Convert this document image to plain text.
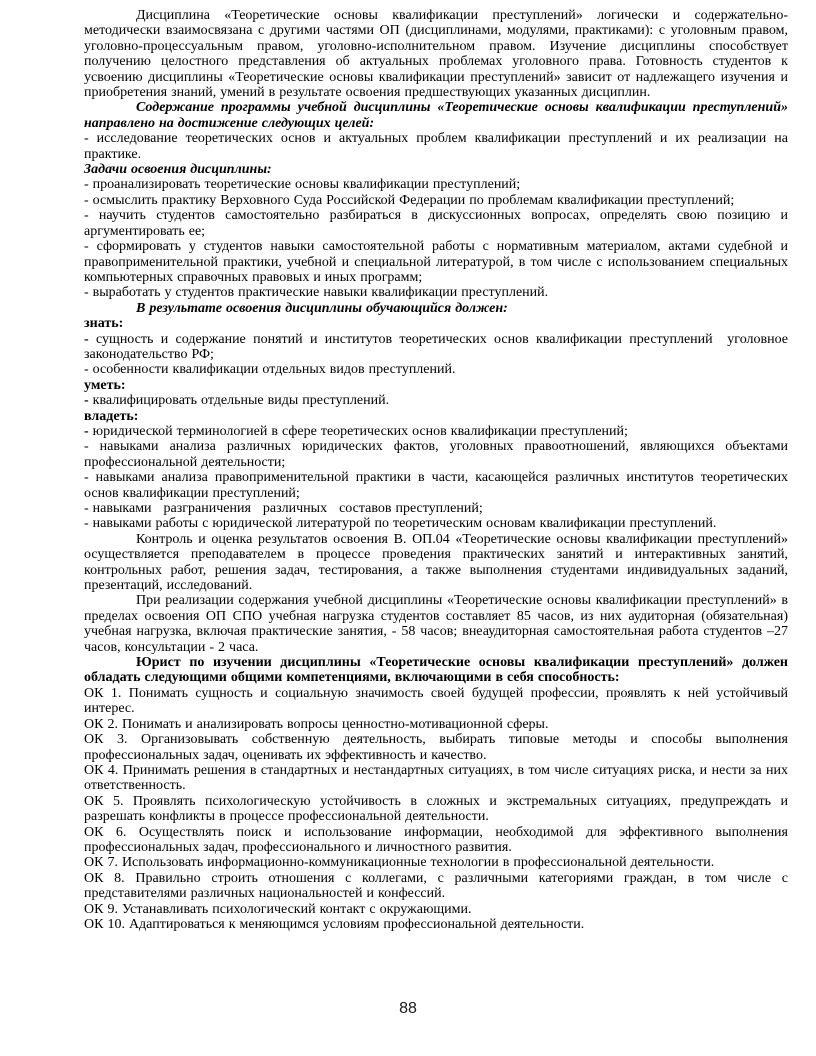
Дисциплина «Теоретические основы квалификации преступлений» логически и содержательно-методически взаимосвязана с другими частями ОП (дисциплинами, модулями, практиками): с уголовным правом, уголовно-процессуальным правом, уголовно-исполнительном правом. Изучение дисциплины способствует получению целостного представления об актуальных проблемах уголовного права. Готовность студентов к усвоению дисциплины «Теоретические основы квалификации преступлений» зависит от надлежащего изучения и приобретения знаний, умений в результате освоения предшествующих указанных дисциплин.

Содержание программы учебной дисциплины «Теоретические основы квалификации преступлений» направлено на достижение следующих целей:

- исследование теоретических основ и актуальных проблем квалификации преступлений и их реализации на практике.

Задачи освоения дисциплины:

- проанализировать теоретические основы квалификации преступлений;

- осмыслить практику Верховного Суда Российской Федерации по проблемам квалификации преступлений;

- научить студентов самостоятельно разбираться в дискуссионных вопросах, определять свою позицию и аргументировать ее;

- сформировать у студентов навыки самостоятельной работы с нормативным материалом, актами судебной и правоприменительной практики, учебной и специальной литературой, в том числе с использованием специальных компьютерных справочных правовых и иных программ;

- выработать у студентов практические навыки квалификации преступлений.

В результате освоения дисциплины обучающийся должен:

знать:

- сущность и содержание понятий и институтов теоретических основ квалификации преступлений  уголовное законодательство РФ;

- особенности квалификации отдельных видов преступлений.

уметь:

- квалифицировать отдельные виды преступлений.

владеть:

- юридической терминологией в сфере теоретических основ квалификации преступлений;

- навыками анализа различных юридических фактов, уголовных правоотношений, являющихся объектами профессиональной деятельности;

- навыками анализа правоприменительной практики в части, касающейся различных институтов теоретических основ квалификации преступлений;

- навыками   разграничения   различных   составов преступлений;

- навыками работы с юридической литературой по теоретическим основам квалификации преступлений.

Контроль и оценка результатов освоения В. ОП.04 «Теоретические основы квалификации преступлений» осуществляется преподавателем в процессе проведения практических занятий и интерактивных занятий, контрольных работ, решения задач, тестирования, а также выполнения студентами индивидуальных заданий, презентаций, исследований.

При реализации содержания учебной дисциплины «Теоретические основы квалификации преступлений» в пределах освоения ОП СПО учебная нагрузка студентов составляет 85 часов, из них аудиторная (обязательная) учебная нагрузка, включая практические занятия, - 58 часов; внеаудиторная самостоятельная работа студентов –27 часов, консультации - 2 часа.

Юрист по изучении дисциплины «Теоретические основы квалификации преступлений» должен обладать следующими общими компетенциями, включающими в себя способность:

ОК 1. Понимать сущность и социальную значимость своей будущей профессии, проявлять к ней устойчивый интерес.

ОК 2. Понимать и анализировать вопросы ценностно-мотивационной сферы.

ОК 3. Организовывать собственную деятельность, выбирать типовые методы и способы выполнения профессиональных задач, оценивать их эффективность и качество.

ОК 4. Принимать решения в стандартных и нестандартных ситуациях, в том числе ситуациях риска, и нести за них ответственность.

ОК 5. Проявлять психологическую устойчивость в сложных и экстремальных ситуациях, предупреждать и разрешать конфликты в процессе профессиональной деятельности.

ОК 6. Осуществлять поиск и использование информации, необходимой для эффективного выполнения профессиональных задач, профессионального и личностного развития.

ОК 7. Использовать информационно-коммуникационные технологии в профессиональной деятельности.

ОК 8. Правильно строить отношения с коллегами, с различными категориями граждан, в том числе с представителями различных национальностей и конфессий.

ОК 9. Устанавливать психологический контакт с окружающими.

ОК 10. Адаптироваться к меняющимся условиям профессиональной деятельности.

88
